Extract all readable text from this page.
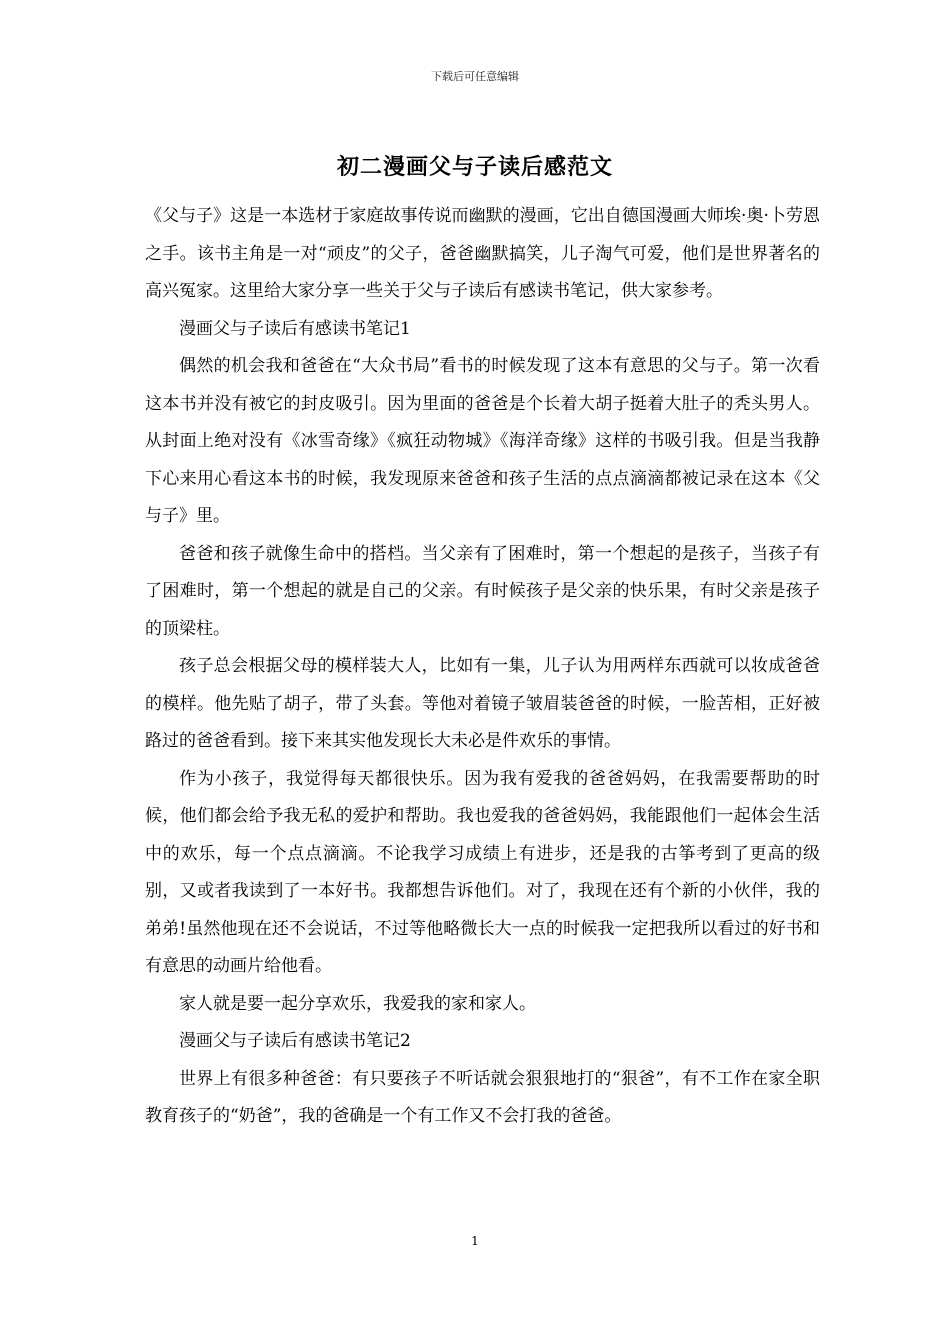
下载后可任意编辑
初二漫画父与子读后感范文

《父与子》这是一本选材于家庭故事传说而幽默的漫画，它出自德国漫画大师埃·奥·卜劳恩之手。该书主角是一对“顽皮”的父子，爸爸幽默搞笑，儿子淘气可爱，他们是世界著名的高兴冤家。这里给大家分享一些关于父与子读后有感读书笔记，供大家参考。

漫画父与子读后有感读书笔记1

偶然的机会我和爸爸在“大众书局”看书的时候发现了这本有意思的父与子。第一次看这本书并没有被它的封皮吸引。因为里面的爸爸是个长着大胡子挺着大肚子的秃头男人。从封面上绝对没有《冰雪奇缘》《疯狂动物城》《海洋奇缘》这样的书吸引我。但是当我静下心来用心看这本书的时候，我发现原来爸爸和孩子生活的点点滴滴都被记录在这本《父与子》里。

爸爸和孩子就像生命中的搭档。当父亲有了困难时，第一个想起的是孩子，当孩子有了困难时，第一个想起的就是自己的父亲。有时候孩子是父亲的快乐果，有时父亲是孩子的顶梁柱。

孩子总会根据父母的模样装大人，比如有一集，儿子认为用两样东西就可以妆成爸爸的模样。他先贴了胡子，带了头套。等他对着镜子皱眉装爸爸的时候，一脸苦相，正好被路过的爸爸看到。接下来其实他发现长大未必是件欢乐的事情。

作为小孩子，我觉得每天都很快乐。因为我有爱我的爸爸妈妈，在我需要帮助的时候，他们都会给予我无私的爱护和帮助。我也爱我的爸爸妈妈，我能跟他们一起体会生活中的欢乐，每一个点点滴滴。不论我学习成绩上有进步，还是我的古筝考到了更高的级别，又或者我读到了一本好书。我都想告诉他们。对了，我现在还有个新的小伙伴，我的弟弟!虽然他现在还不会说话，不过等他略微长大一点的时候我一定把我所以看过的好书和有意思的动画片给他看。

家人就是要一起分享欢乐，我爱我的家和家人。

漫画父与子读后有感读书笔记2

世界上有很多种爸爸：有只要孩子不听话就会狠狠地打的“狠爸”，有不工作在家全职教育孩子的“奶爸”，我的爸确是一个有工作又不会打我的爸爸。

1
